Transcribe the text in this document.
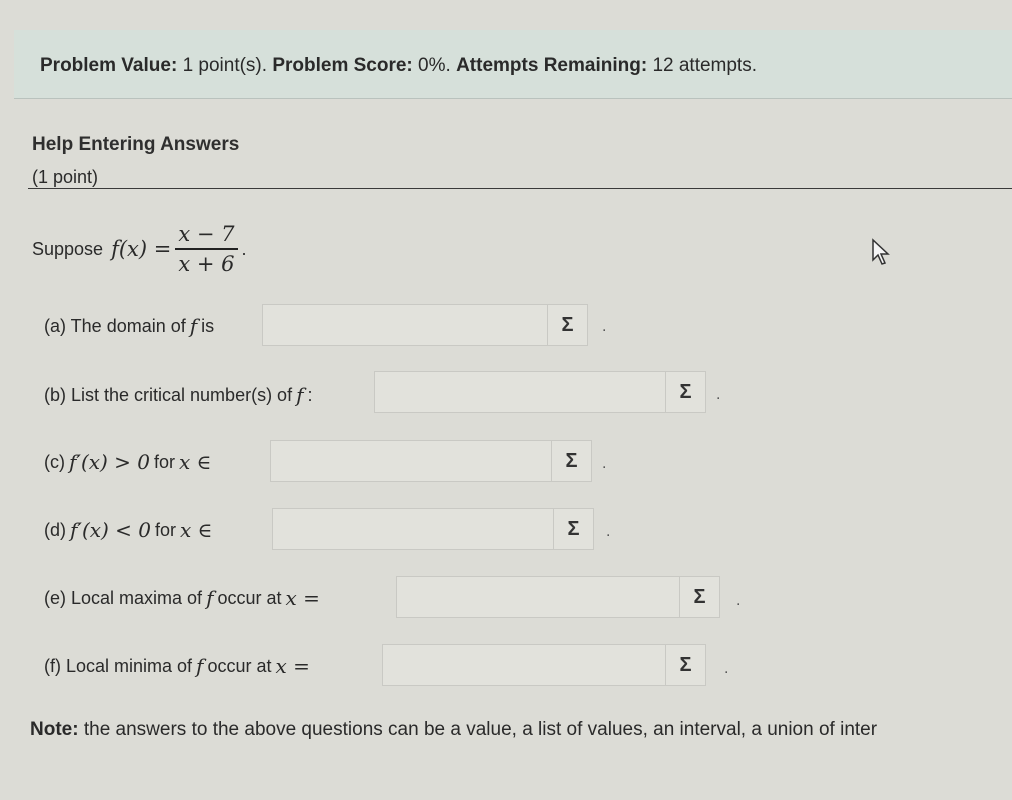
Problem Value: 1 point(s). Problem Score: 0%. Attempts Remaining: 12 attempts.
Help Entering Answers
(1 point)
Suppose $f(x) = \frac{x - 7}{x + 6}$ .
(a) The domain of f is	Σ .
(b) List the critical number(s) of f :	Σ .
(c) f′(x) > 0 for x ∈	Σ .
(d) f′(x) < 0 for x ∈	Σ .
(e) Local maxima of f occur at x =	Σ .
(f) Local minima of f occur at x =	Σ .
Note: the answers to the above questions can be a value, a list of values, an interval, a union of inter
